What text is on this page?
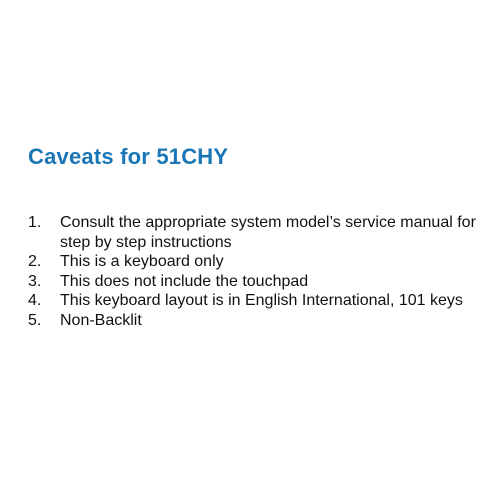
Caveats for 51CHY
1.	Consult the appropriate system model’s service manual for step by step instructions
2.	This is a keyboard only
3.	This does not include the touchpad
4.	This keyboard layout is in English International, 101 keys
5.	Non-Backlit
